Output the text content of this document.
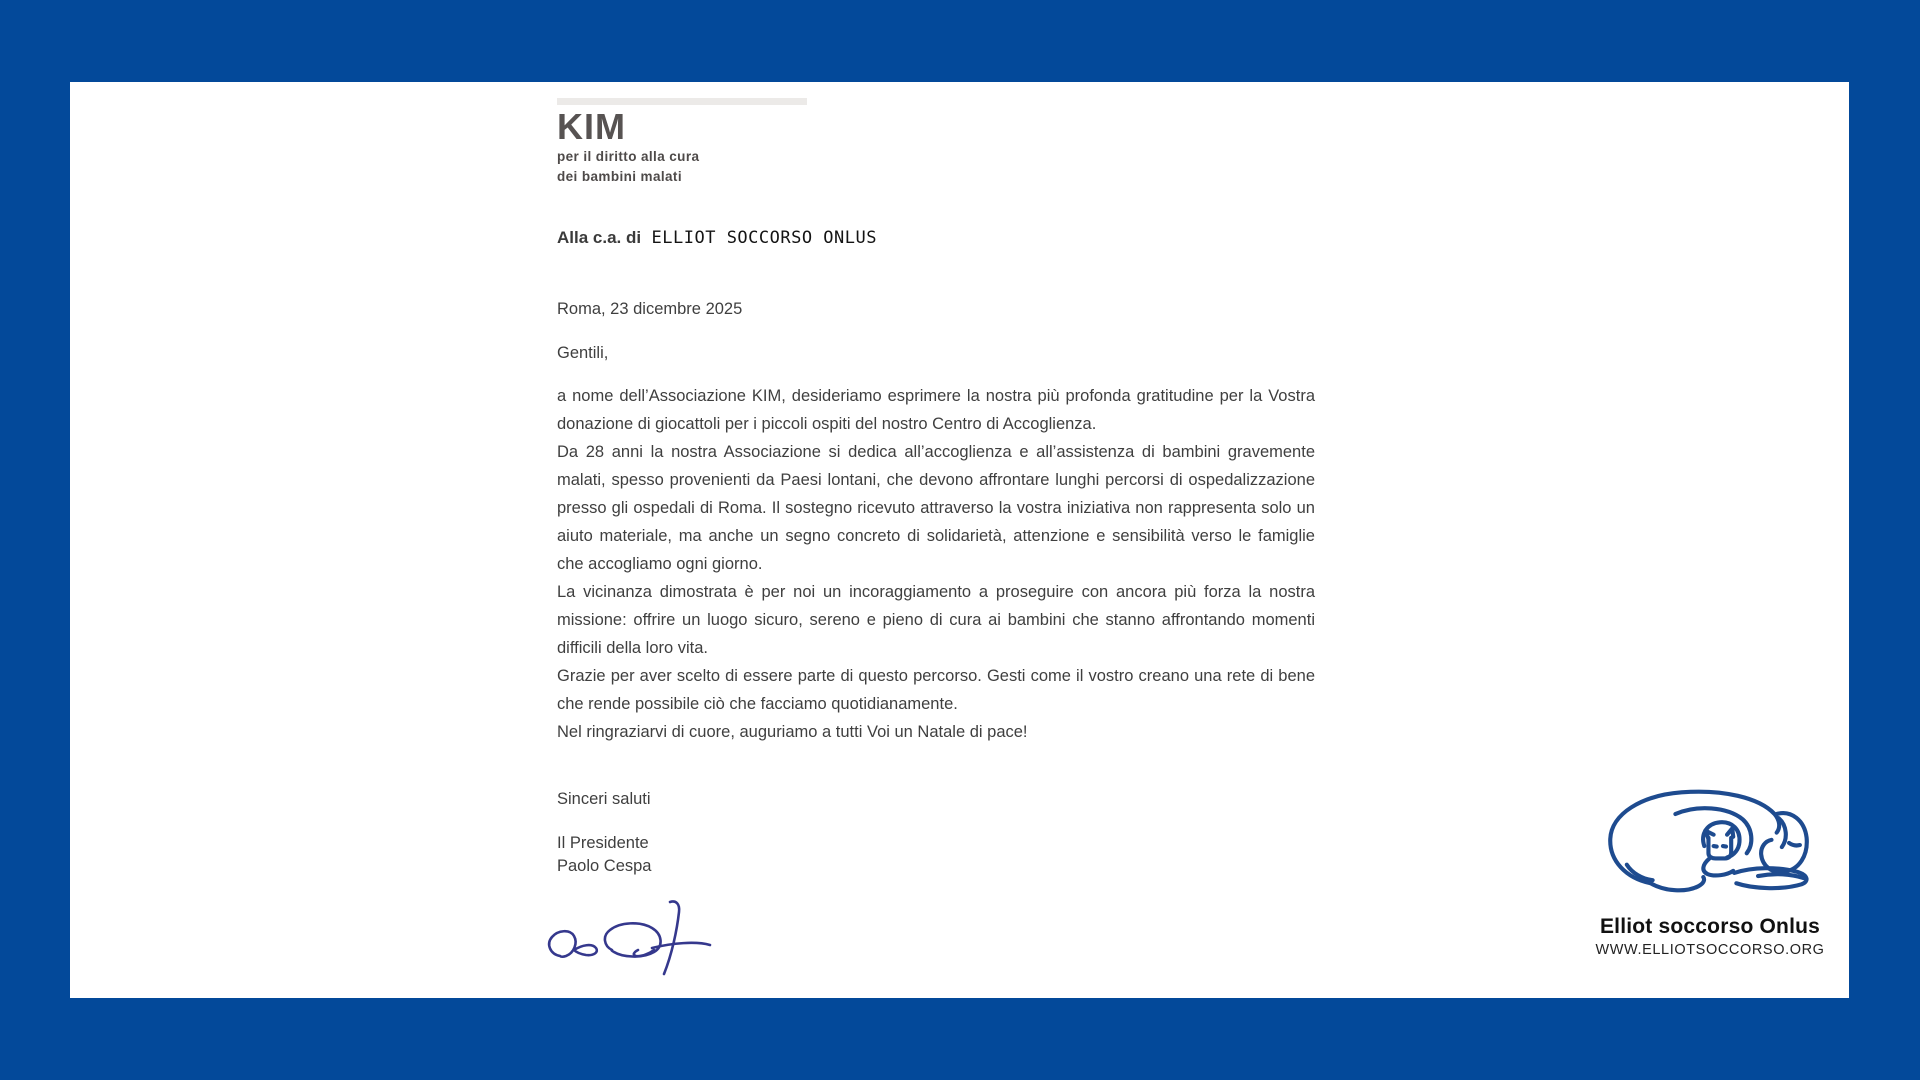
KIM
per il diritto alla cura
dei bambini malati
Alla c.a. di ELLIOT SOCCORSO ONLUS
Roma, 23 dicembre 2025
Gentili,

a nome dell’Associazione KIM, desideriamo esprimere la nostra più profonda gratitudine per la Vostra donazione di giocattoli per i piccoli ospiti del nostro Centro di Accoglienza.

Da 28 anni la nostra Associazione si dedica all’accoglienza e all’assistenza di bambini gravemente malati, spesso provenienti da Paesi lontani, che devono affrontare lunghi percorsi di ospedalizzazione presso gli ospedali di Roma. Il sostegno ricevuto attraverso la vostra iniziativa non rappresenta solo un aiuto materiale, ma anche un segno concreto di solidarietà, attenzione e sensibilità verso le famiglie che accogliamo ogni giorno.

La vicinanza dimostrata è per noi un incoraggiamento a proseguire con ancora più forza la nostra missione: offrire un luogo sicuro, sereno e pieno di cura ai bambini che stanno affrontando momenti difficili della loro vita.

Grazie per aver scelto di essere parte di questo percorso. Gesti come il vostro creano una rete di bene che rende possibile ciò che facciamo quotidianamente.

Nel ringraziarvi di cuore, auguriamo a tutti Voi un Natale di pace!

Sinceri saluti
Il Presidente
Paolo Cespa
Elliot soccorso Onlus
WWW.ELLIOTSOCCORSO.ORG
